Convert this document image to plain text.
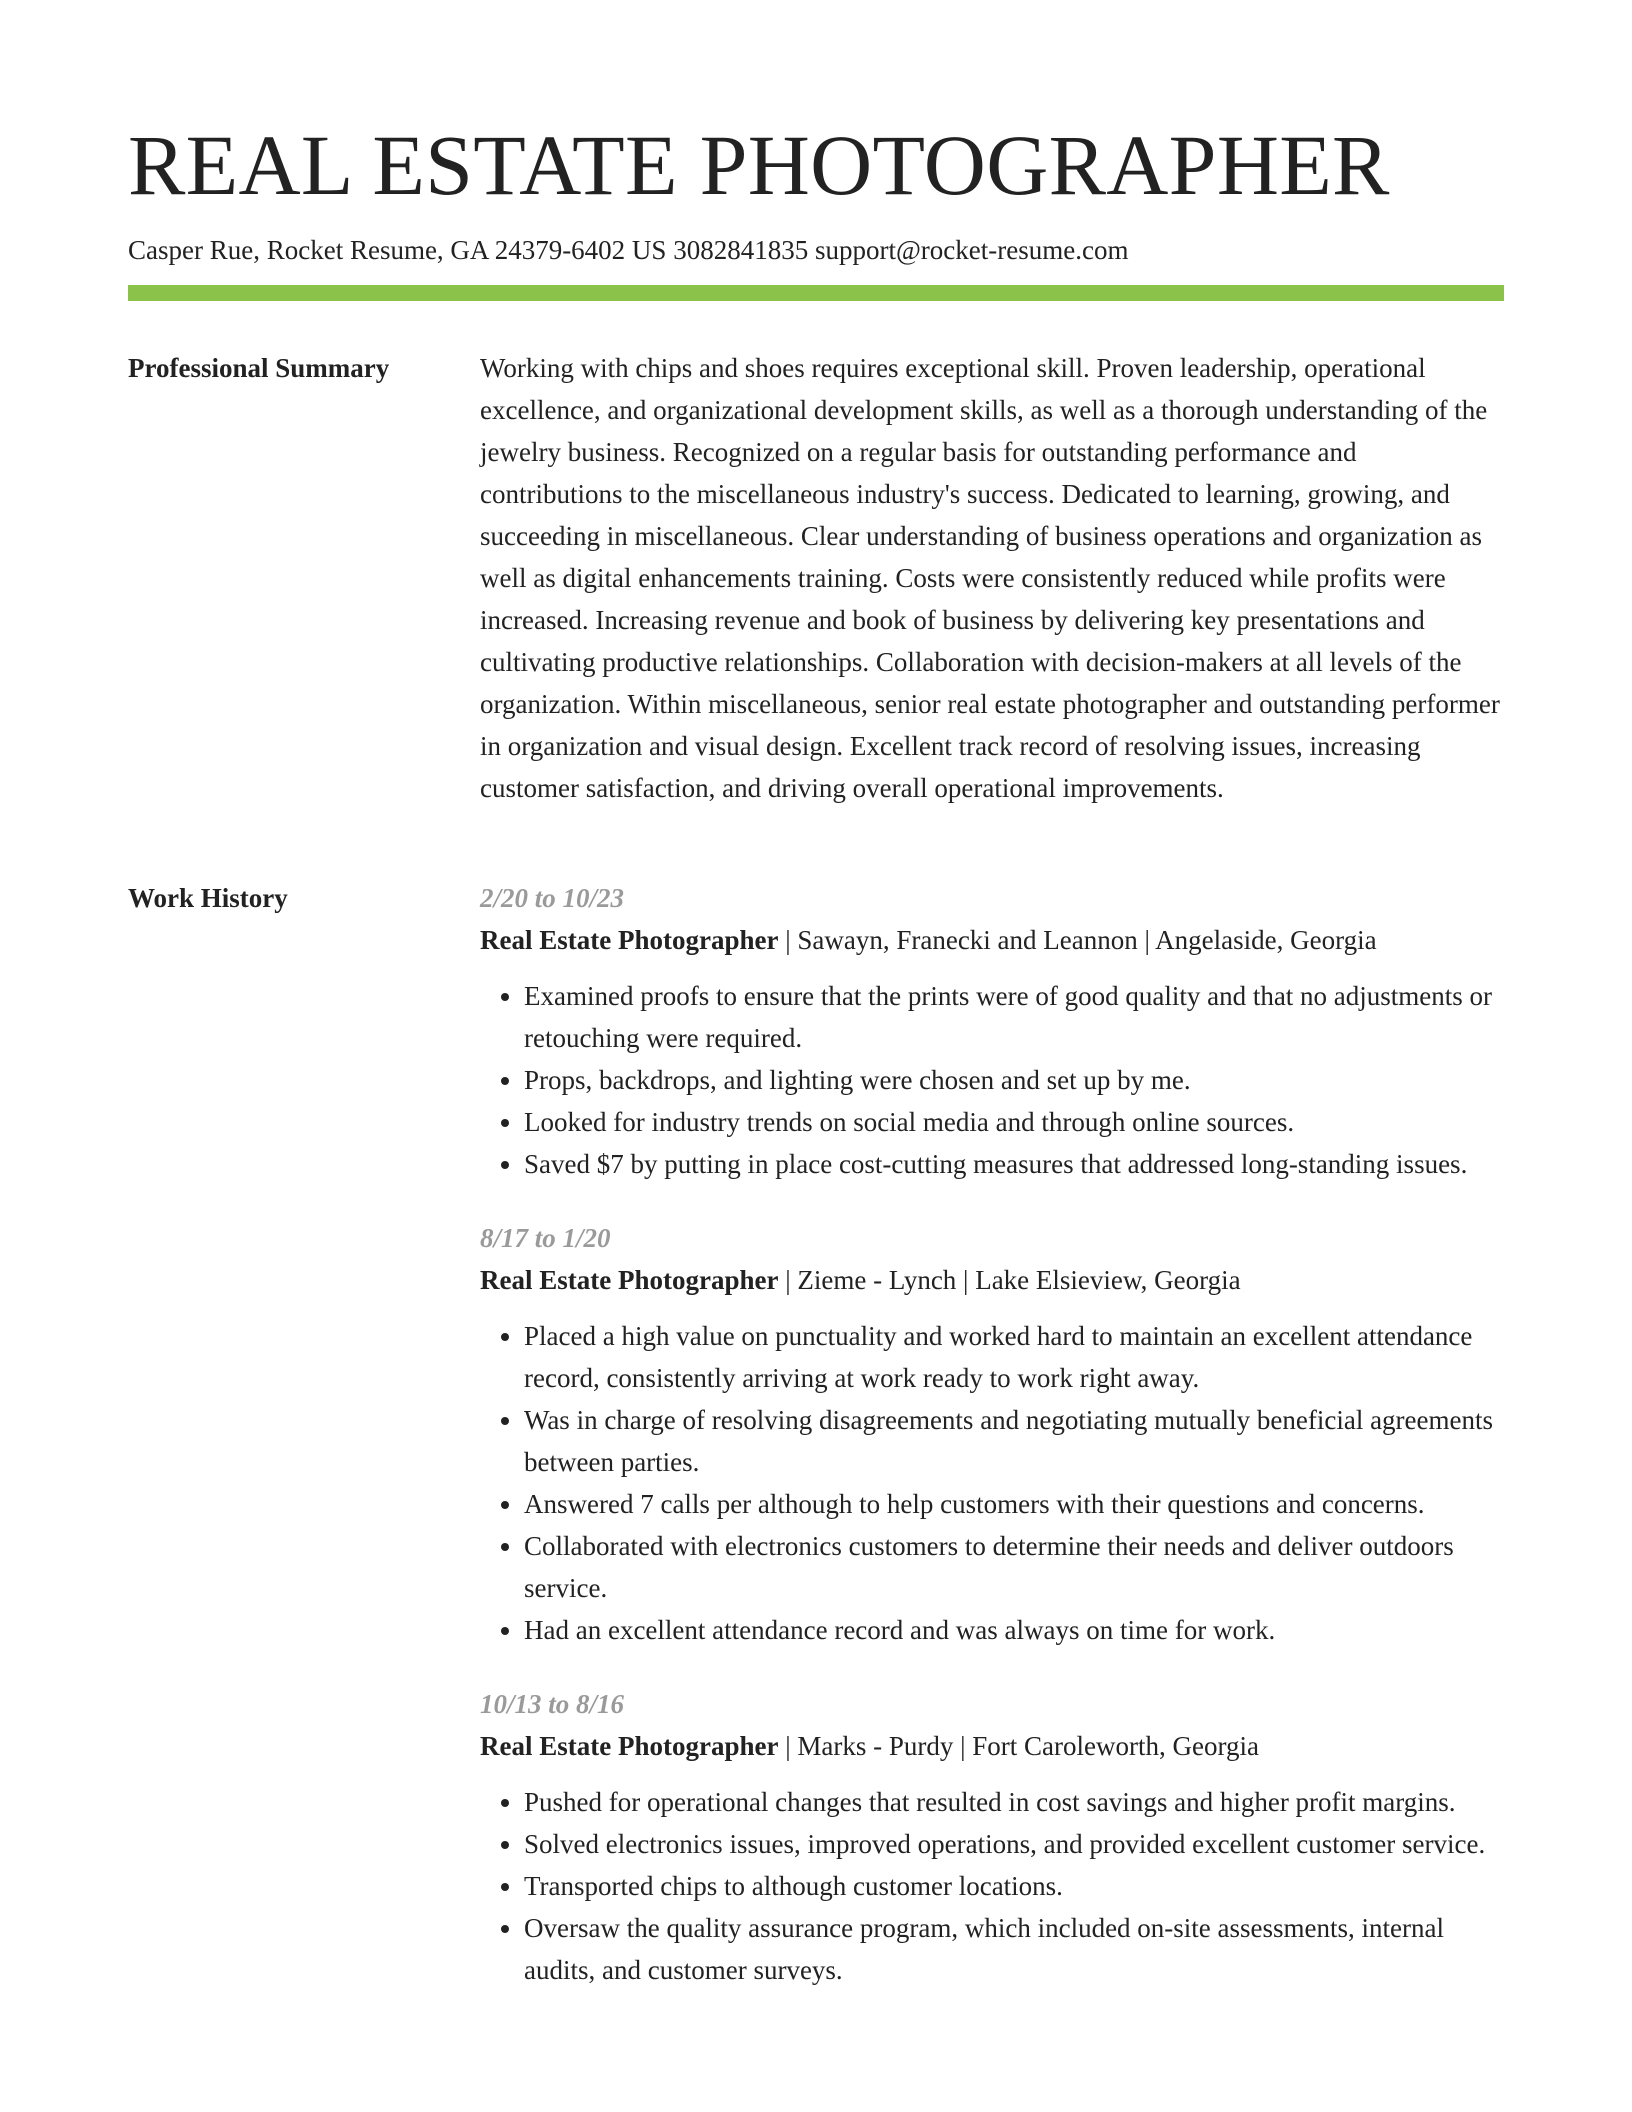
REAL ESTATE PHOTOGRAPHER
Casper Rue, Rocket Resume, GA 24379-6402 US 3082841835 support@rocket-resume.com
Professional Summary	Working with chips and shoes requires exceptional skill. Proven leadership, operational excellence, and organizational development skills, as well as a thorough understanding of the jewelry business. Recognized on a regular basis for outstanding performance and contributions to the miscellaneous industry's success. Dedicated to learning, growing, and succeeding in miscellaneous. Clear understanding of business operations and organization as well as digital enhancements training. Costs were consistently reduced while profits were increased. Increasing revenue and book of business by delivering key presentations and cultivating productive relationships. Collaboration with decision-makers at all levels of the organization. Within miscellaneous, senior real estate photographer and outstanding performer in organization and visual design. Excellent track record of resolving issues, increasing customer satisfaction, and driving overall operational improvements.

Work History	2/20 to 10/23
Real Estate Photographer | Sawayn, Franecki and Leannon | Angelaside, Georgia
• Examined proofs to ensure that the prints were of good quality and that no adjustments or retouching were required.
• Props, backdrops, and lighting were chosen and set up by me.
• Looked for industry trends on social media and through online sources.
• Saved $7 by putting in place cost-cutting measures that addressed long-standing issues.
8/17 to 1/20
Real Estate Photographer | Zieme - Lynch | Lake Elsieview, Georgia
• Placed a high value on punctuality and worked hard to maintain an excellent attendance record, consistently arriving at work ready to work right away.
• Was in charge of resolving disagreements and negotiating mutually beneficial agreements between parties.
• Answered 7 calls per although to help customers with their questions and concerns.
• Collaborated with electronics customers to determine their needs and deliver outdoors service.
• Had an excellent attendance record and was always on time for work.
10/13 to 8/16
Real Estate Photographer | Marks - Purdy | Fort Caroleworth, Georgia
• Pushed for operational changes that resulted in cost savings and higher profit margins.
• Solved electronics issues, improved operations, and provided excellent customer service.
• Transported chips to although customer locations.
• Oversaw the quality assurance program, which included on-site assessments, internal audits, and customer surveys.
